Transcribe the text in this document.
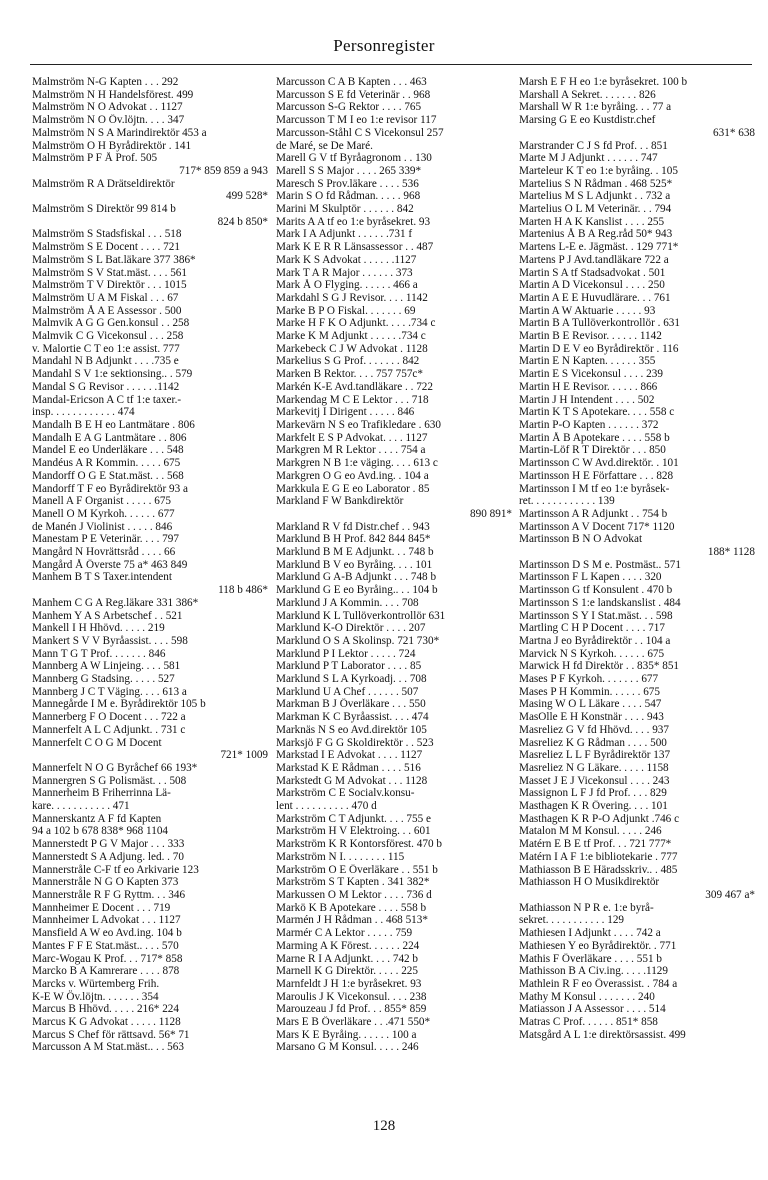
Personregister
Malmström N-G Kapten . . . 292
Malmström N H Handelsförest. 499
Malmström N O Advokat . . 1127
Malmström N O Öv.löjtn. . . . 347
Malmström N S A Marindirektör 453 a
Malmström O H Byrådirektör . 141
Malmström P F Å Prof. 505
717* 859 859 a 943
Malmström R A Drätseldirektör
499 528*
Malmström S Direktör 99 814 b
824 b 850*
Malmström S Stadsfiskal . . . 518
Malmström S E Docent . . . . 721
Malmström S L Bat.läkare 377 386*
Malmström S V Stat.mäst. . . . 561
Malmström T V Direktör . . . 1015
Malmström U A M Fiskal . . . 67
Malmström Å A E Assessor . 500
Malmvik A G G Gen.konsul . . 258
Malmvik C G Vicekonsul . . . 258
v. Malortie C T eo 1:e assist. 777
Mandahl N B Adjunkt . . . .735 e
Mandahl S V 1:e sektionsing.. . 579
Mandal S G Revisor . . . . . .1142
Mandal-Ericson A C tf 1:e taxer.-
insp. . . . . . . . . . . . 474
Mandalh B E H eo Lantmätare . 806
Mandalh E A G Lantmätare . . 806
Mandel E eo Underläkare . . . 548
Mandéus A R Kommin. . . . . 675
Mandorff O G E Stat.mäst. . . 568
Mandorff T F eo Byrådirektör 93 a
Manell A F Organist . . . . . 675
Manell O M Kyrkoh. . . . . . 677
de Manén J Violinist . . . . . 846
Manestam P E Veterinär. . . . 797
Mangård N Hovrättsråd . . . . 66
Mangård Å Överste 75 a* 463 849
Manhem B T S Taxer.intendent
118 b 486*
Manhem C G A Reg.läkare 331 386*
Manhem Y A S Arbetschef . . 521
Mankell I H Hhövd. . . . . 219
Mankert S V V Byråassist. . . . 598
Mann T G T Prof. . . . . . . 846
Mannberg A W Linjeing. . . . 581
Mannberg G Stadsing. . . . . 527
Mannberg J C T Väging. . . . 613 a
Mannegårde I M e. Byrådirektör 105 b
Mannerberg F O Docent . . . 722 a
Mannerfelt A L C Adjunkt. . 731 c
Mannerfelt C O G M Docent
721* 1009
Mannerfelt N O G Byråchef 66 193*
Mannergren S G Polismäst. . . 508
Mannerheim B Friherrinna Lä-
kare. . . . . . . . . . . 471
Mannerskantz A F fd Kapten
94 a 102 b 678 838* 968 1104
Mannerstedt P G V Major . . . 333
Mannerstedt S A Adjung. led. . 70
Mannerstråle C-F tf eo Arkivarie 123
Mannerstråle N G O Kapten 373
Mannerstråle R F G Ryttm. . . 346
Mannheimer E Docent . . . 719
Mannheimer L Advokat . . . 1127
Mansfield A W eo Avd.ing. 104 b
Mantes F F E Stat.mäst.. . . . 570
Marc-Wogau K Prof. . . 717* 858
Marcko B A Kamrerare . . . . 878
Marcks v. Würtemberg Frih.
K-E W Öv.löjtn. . . . . . . 354
Marcus B Hhövd. . . . . 216* 224
Marcus K G Advokat . . . . . 1128
Marcus S Chef för rättsavd. 56* 71
Marcusson A M Stat.mäst.. . . 563
Marcusson C A B Kapten . . . 463
Marcusson S E fd Veterinär . . 968
Marcusson S-G Rektor . . . . 765
Marcusson T M I eo 1:e revisor 117
Marcusson-Ståhl C S Vicekonsul 257
de Maré, se De Maré.
Marell G V tf Byråagronom . . 130
Marell S S Major . . . . 265 339*
Maresch S Prov.läkare . . . . 536
Marin S O fd Rådman. . . . . 968
Marini M Skulptör . . . . . . 842
Marits A A tf eo 1:e byråsekret. 93
Mark I A Adjunkt . . . . . .731 f
Mark K E R R Länsassessor . . 487
Mark K S Advokat . . . . . .1127
Mark T A R Major . . . . . . 373
Mark Å O Flyging. . . . . . 466 a
Markdahl S G J Revisor. . . . 1142
Marke B P O Fiskal. . . . . . . 69
Marke H F K O Adjunkt. . . . .734 c
Marke K M Adjunkt . . . . . .734 c
Markebeck C J W Advokat . 1128
Markelius S G Prof. . . . . . . 842
Marken B Rektor. . . . 757 757c*
Markén K-E Avd.tandläkare . . 722
Markendag M C E Lektor . . . 718
Markevitj I Dirigent . . . . . 846
Markevärn N S eo Trafikledare . 630
Markfelt E S P Advokat. . . . 1127
Markgren M R Lektor . . . . 754 a
Markgren N B 1:e väging. . . . 613 c
Markgren O G eo Avd.ing. . 104 a
Markkula E G E eo Laborator . 85
Markland F W Bankdirektör
890 891*
Markland R V fd Distr.chef . . 943
Marklund B H Prof. 842 844 845*
Marklund B M E Adjunkt. . . 748 b
Marklund B V eo Byråing. . . . 101
Marklund G A-B Adjunkt . . . 748 b
Marklund G E eo Byråing.. . . 104 b
Marklund J A Kommin. . . . 708
Marklund K L Tullöverkontrollör 631
Marklund K-O Direktör . . . . 207
Marklund O S A Skolinsp. 721 730*
Marklund P I Lektor . . . . . 724
Marklund P T Laborator . . . . 85
Marklund S L A Kyrkoadj. . . 708
Marklund U A Chef . . . . . . 507
Markman B J Överläkare . . . 550
Markman K C Byråassist. . . . 474
Marknäs N S eo Avd.direktör 105
Marksjö F G G Skoldirektör . . 523
Markstad I E Advokat . . . . 1127
Markstad K E Rådman . . . . 516
Markstedt G M Advokat . . . 1128
Markström C E Socialv.konsu-
lent . . . . . . . . . . 470 d
Markström C T Adjunkt. . . . 755 e
Markström H V Elektroing. . . 601
Markström K R Kontorsförest. 470 b
Markström N I. . . . . . . . 115
Markström O E Överläkare . . 551 b
Markström S T Kapten . 341 382*
Markussen O M Lektor . . . . 736 d
Markö K B Apotekare . . . . 558 b
Marmén J H Rådman . . 468 513*
Marmér C A Lektor . . . . . 759
Marming A K Förest. . . . . . 224
Marne R I A Adjunkt. . . . 742 b
Marnell K G Direktör. . . . . 225
Marnfeldt J H 1:e byråsekret. 93
Maroulis J K Vicekonsul. . . . 238
Marouzeau J fd Prof. . . 855* 859
Mars E B Överläkare . . .471 550*
Mars K E Byråing. . . . . . 100 a
Marsano G M Konsul. . . . . 246
Marsh E F H eo 1:e byråsekret. 100 b
Marshall A Sekret. . . . . . . 826
Marshall W R 1:e byråing. . . 77 a
Marsing G E eo Kustdistr.chef
631* 638
Marstrander C J S fd Prof. . . 851
Marte M J Adjunkt . . . . . . 747
Marteleur K T eo 1:e byråing. . 105
Martelius S N Rådman . 468 525*
Martelius M S L Adjunkt . . 732 a
Martelius O L M Veterinär. . . 794
Marten H A K Kanslist . . . . 255
Martenius Å B A Reg.råd 50* 943
Martens L-E e. Jägmäst. . 129 771*
Martens P J Avd.tandläkare 722 a
Martin S A tf Stadsadvokat . 501
Martin A D Vicekonsul . . . . 250
Martin A E E Huvudlärare. . . 761
Martin A W Aktuarie . . . . . 93
Martin B A Tullöverkontrollör . 631
Martin B E Revisor. . . . . . 1142
Martin D E V eo Byrådirektör . 116
Martin E N Kapten. . . . . . 355
Martin E S Vicekonsul . . . . 239
Martin H E Revisor. . . . . . 866
Martin J H Intendent . . . . 502
Martin K T S Apotekare. . . . 558 c
Martin P-O Kapten . . . . . . 372
Martin Å B Apotekare . . . . 558 b
Martin-Löf R T Direktör . . . 850
Martinsson C W Avd.direktör. . 101
Martinsson H E Författare . . . 828
Martinsson I M tf eo 1:e byråsek-
ret. . . . . . . . . . . . 139
Martinsson A R Adjunkt . . 754 b
Martinsson A V Docent 717* 1120
Martinsson B N O Advokat
188* 1128
Martinsson D S M e. Postmäst.. 571
Martinsson F L Kapen . . . . 320
Martinsson G tf Konsulent . 470 b
Martinsson S 1:e landskanslist . 484
Martinsson S Y I Stat.mäst. . . 598
Martling C H P Docent . . . . 717
Martna J eo Byrådirektör . . 104 a
Marvick N S Kyrkoh. . . . . . 675
Marwick H fd Direktör . . 835* 851
Mases P F Kyrkoh. . . . . . . 677
Mases P H Kommin. . . . . . 675
Masing W O L Läkare . . . . 547
MasOlle E H Konstnär . . . . 943
Masreliez G V fd Hhövd. . . . 937
Masreliez K G Rådman . . . . 500
Masreliez L L F Byrådirektör 137
Masreliez N G Läkare. . . . . 1158
Masset J E J Vicekonsul . . . . 243
Massignon L F J fd Prof. . . . 829
Masthagen K R Övering. . . . 101
Masthagen K R P-O Adjunkt .746 c
Matalon M M Konsul. . . . . 246
Matérn E B E tf Prof. . . 721 777*
Matérn I A F 1:e bibliotekarie . 777
Mathiasson B E Häradsskriv.. . 485
Mathiasson H O Musikdirektör
309 467 a*
Mathiasson N P R e. 1:e byrå-
sekret. . . . . . . . . . . 129
Mathiesen I Adjunkt . . . . 742 a
Mathiesen Y eo Byrådirektör. . 771
Mathis F Överläkare . . . . 551 b
Mathisson B A Civ.ing. . . . .1129
Mathlein R F eo Överassist. . 784 a
Mathy M Konsul . . . . . . . 240
Matiasson J A Assessor . . . . 514
Matras C Prof. . . . . . 851* 858
Matsgård A L 1:e direktörsassist. 499
128
